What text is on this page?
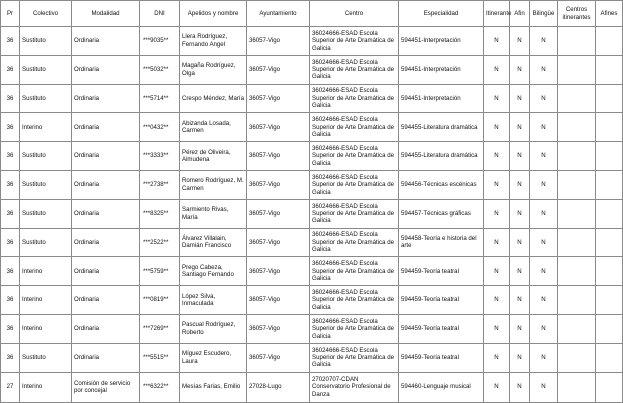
Pr	Colectivo	Modalidad	DNI	Apelidos y nombre	Ayuntamiento	Centro	Especialidad	Itinerante	Afin	Bilingüe	Centros itinerantes	Afines
36	Sustituto	Ordinaria	***9035**	Llera Rodríguez, Fernando Angel	36057-Vigo	36024666-ESAD Escola Superior de Arte Dramática de Galicia	594451-Interpretación	N	N	N		
36	Sustituto	Ordinaria	***5032**	Magaña Rodríguez, Olga	36057-Vigo	36024666-ESAD Escola Superior de Arte Dramática de Galicia	594451-Interpretación	N	N	N		
36	Sustituto	Ordinaria	***5714**	Crespo Méndez, María	36057-Vigo	36024666-ESAD Escola Superior de Arte Dramática de Galicia	594451-Interpretación	N	N	N		
36	Interino	Ordinaria	***0432**	Abizanda Losada, Carmen	36057-Vigo	36024666-ESAD Escola Superior de Arte Dramática de Galicia	594455-Literatura dramática	N	N	N		
36	Sustituto	Ordinaria	***3333**	Pérez de Oliveira, Almudena	36057-Vigo	36024666-ESAD Escola Superior de Arte Dramática de Galicia	594455-Literatura dramática	N	N	N		
36	Sustituto	Ordinaria	***2738**	Romero Rodríguez, M. Carmen	36057-Vigo	36024666-ESAD Escola Superior de Arte Dramática de Galicia	594456-Técnicas escénicas	N	N	N		
36	Sustituto	Ordinaria	***8325**	Sarmiento Rivas, María	36057-Vigo	36024666-ESAD Escola Superior de Arte Dramática de Galicia	594457-Técnicas gráficas	N	N	N		
36	Sustituto	Ordinaria	***2522**	Álvarez Villalain, Damián Francisco	36057-Vigo	36024666-ESAD Escola Superior de Arte Dramática de Galicia	594458-Teoría e historia del arte	N	N	N		
36	Interino	Ordinaria	***5759**	Prego Cabeza, Santiago Fernando	36057-Vigo	36024666-ESAD Escola Superior de Arte Dramática de Galicia	594459-Teoría teatral	N	N	N		
36	Interino	Ordinaria	***0819**	López Silva, Inmaculada	36057-Vigo	36024666-ESAD Escola Superior de Arte Dramática de Galicia	594459-Teoría teatral	N	N	N		
36	Interino	Ordinaria	***7269**	Pascual Rodríguez, Roberto	36057-Vigo	36024666-ESAD Escola Superior de Arte Dramática de Galicia	594459-Teoría teatral	N	N	N		
36	Sustituto	Ordinaria	***5515**	Míguez Escudero, Laura	36057-Vigo	36024666-ESAD Escola Superior de Arte Dramática de Galicia	594459-Teoría teatral	N	N	N		
27	Interino	Comisión de servicio por concejal	***6322**	Mesías Farias, Emilio	27028-Lugo	27020707-CDAN Conservatorio Profesional de Danza	594460-Lenguaje musical	N	N	N		
